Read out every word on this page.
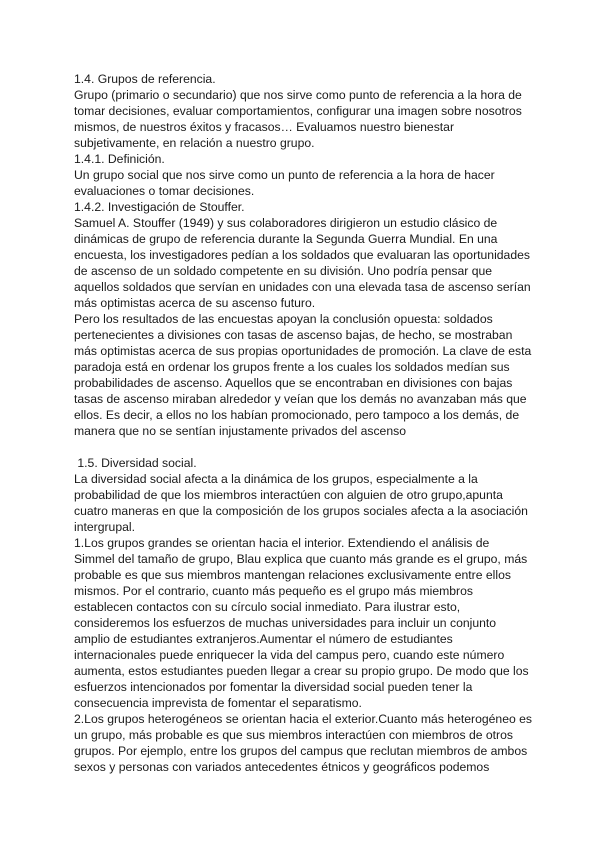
1.4. Grupos de referencia.
Grupo (primario o secundario) que nos sirve como punto de referencia a la hora de
tomar decisiones, evaluar comportamientos, configurar una imagen sobre nosotros
mismos, de nuestros éxitos y fracasos… Evaluamos nuestro bienestar
subjetivamente, en relación a nuestro grupo.
1.4.1. Definición.
Un grupo social que nos sirve como un punto de referencia a la hora de hacer
evaluaciones o tomar decisiones.
1.4.2. Investigación de Stouffer.
Samuel A. Stouffer (1949) y sus colaboradores dirigieron un estudio clásico de
dinámicas de grupo de referencia durante la Segunda Guerra Mundial. En una
encuesta, los investigadores pedían a los soldados que evaluaran las oportunidades
de ascenso de un soldado competente en su división. Uno podría pensar que
aquellos soldados que servían en unidades con una elevada tasa de ascenso serían
más optimistas acerca de su ascenso futuro.
Pero los resultados de las encuestas apoyan la conclusión opuesta: soldados
pertenecientes a divisiones con tasas de ascenso bajas, de hecho, se mostraban
más optimistas acerca de sus propias oportunidades de promoción. La clave de esta
paradoja está en ordenar los grupos frente a los cuales los soldados medían sus
probabilidades de ascenso. Aquellos que se encontraban en divisiones con bajas
tasas de ascenso miraban alrededor y veían que los demás no avanzaban más que
ellos. Es decir, a ellos no los habían promocionado, pero tampoco a los demás, de
manera que no se sentían injustamente privados del ascenso
1.5. Diversidad social.
La diversidad social afecta a la dinámica de los grupos, especialmente a la
probabilidad de que los miembros interactúen con alguien de otro grupo,apunta
cuatro maneras en que la composición de los grupos sociales afecta a la asociación
intergrupal.
1.Los grupos grandes se orientan hacia el interior. Extendiendo el análisis de
Simmel del tamaño de grupo, Blau explica que cuanto más grande es el grupo, más
probable es que sus miembros mantengan relaciones exclusivamente entre ellos
mismos. Por el contrario, cuanto más pequeño es el grupo más miembros
establecen contactos con su círculo social inmediato. Para ilustrar esto,
consideremos los esfuerzos de muchas universidades para incluir un conjunto
amplio de estudiantes extranjeros.Aumentar el número de estudiantes
internacionales puede enriquecer la vida del campus pero, cuando este número
aumenta, estos estudiantes pueden llegar a crear su propio grupo. De modo que los
esfuerzos intencionados por fomentar la diversidad social pueden tener la
consecuencia imprevista de fomentar el separatismo.
2.Los grupos heterogéneos se orientan hacia el exterior.Cuanto más heterogéneo es
un grupo, más probable es que sus miembros interactúen con miembros de otros
grupos. Por ejemplo, entre los grupos del campus que reclutan miembros de ambos
sexos y personas con variados antecedentes étnicos y geográficos podemos
